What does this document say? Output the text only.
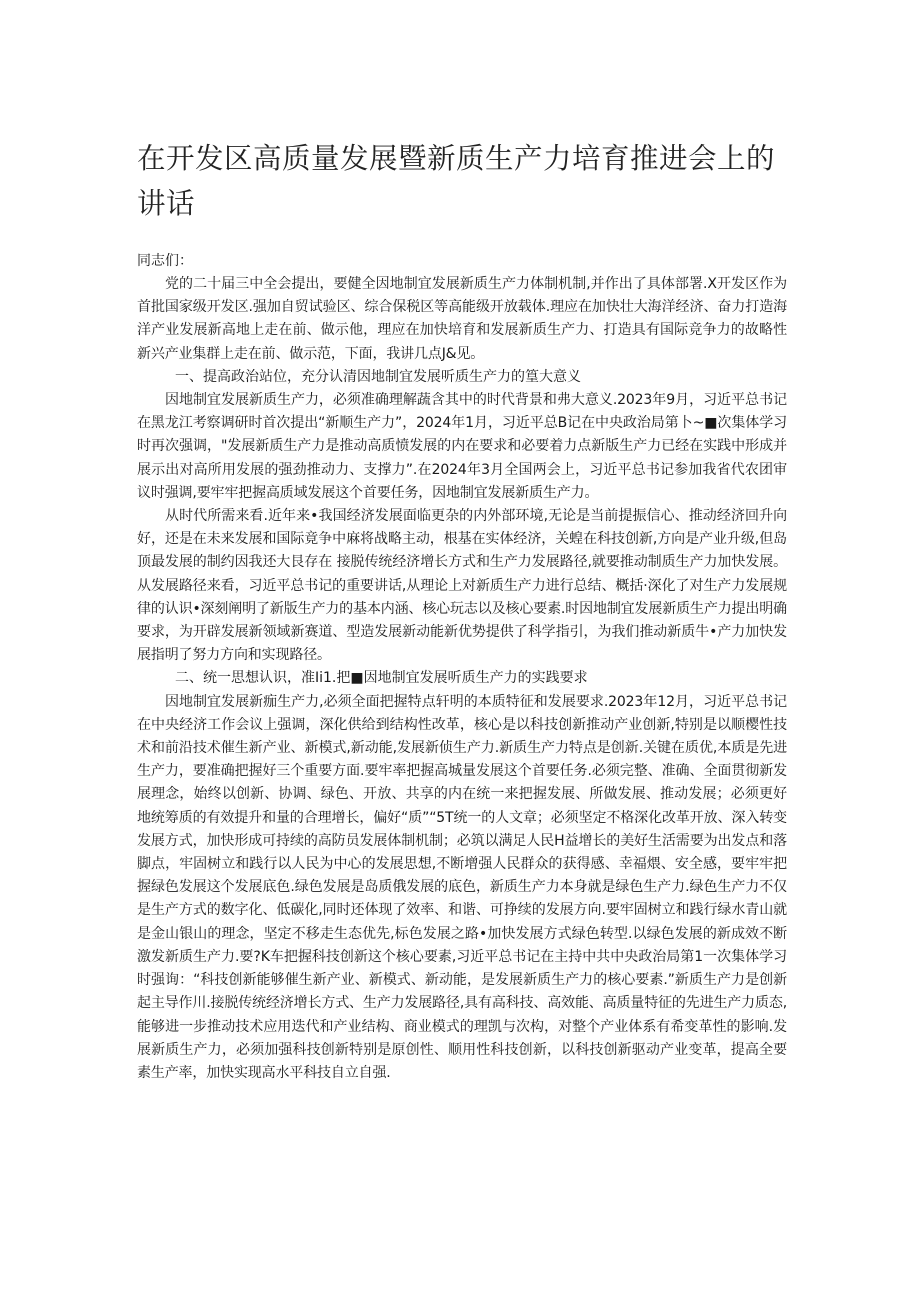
在开发区高质量发展暨新质生产力培育推进会上的讲话

同志们：

党的二十届三中全会提出，要健全因地制宜发展新质生产力体制机制,并作出了具体部署.X开发区作为首批国家级开发区.强加自贸试验区、综合保税区等高能级开放载体.理应在加快壮大海洋经济、奋力打造海洋产业发展新高地上走在前、做示他，理应在加快培育和发展新质生产力、打造具有国际竞争力的故略性新兴产业集群上走在前、做示范，下面，我讲几点J&见。

一、提高政治站位，充分认清因地制宜发展听质生产力的篁大意义

因地制宜发展新质生产力，必须准确理解蔬含其中的时代背景和弗大意义.2023年9月，习近平总书记在黑龙江考察调研时首次提出“新顺生产力”，2024年1月，习近平总B记在中央政治局第卜~■次集体学习时再次强调，"发展新质生产力是推动高质愤发展的内在要求和必要着力点新版生产力已经在实践中形成并展示出对高所用发展的强劲推动力、支撑力”.在2024年3月全国两会上，习近平总书记参加我省代农团审议时强调,要牢牢把握高质域发展这个首要任务，因地制宜发展新质生产力。

从时代所需来看.近年来•我国经济发展面临更杂的内外部环境,无论是当前提振信心、推动经济回升向好，还是在未来发展和国际竟争中麻将战略主动，根基在实体经济，关蝗在科技创新,方向是产业升级,但岛顶最发展的制约因我还大艮存在 接脱传统经济增长方式和生产力发展路径,就要推动制质生产力加快发展。从发展路径来看，习近平总书记的重要讲话,从理论上对新质生产力进行总结、概括·深化了对生产力发展规律的认识•深刻阐明了新版生产力的基本内涵、核心玩志以及核心要素.时因地制宜发展新质生产力提出明确要求，为开辟发展新领域新赛道、型造发展新动能新优势提供了科学指引，为我们推动新质牛•产力加快发展指明了努力方向和实现路径。

二、统一思想认识，准Ii1.把■因地制宜发展听质生产力的实践要求

因地制宜发展新痂生产力,必须全面把握特点轩明的本质特征和发展要求.2023年12月，习近平总书记在中央经济工作会议上强调，深化供给到结构性改革，核心是以科技创新推动产业创新,特别是以顺樱性技术和前沿技术催生新产业、新模式,新动能,发展新侦生产力.新质生产力特点是创新.关键在质优,本质是先进生产力，要准确把握好三个重要方面.要牢率把握高城量发展这个首要任务.必须完整、准确、全面贯彻新发展理念，始终以创新、协调、绿色、开放、共享的内在统一来把握发展、所做发展、推动发展；必须更好地统筹质的有效提升和量的合理增长，偏好“质”“5T统一的人文章；必须坚定不格深化改革开放、深入转变发展方式，加快形成可持续的高防员发展体制机制；必筑以满足人民H益增长的美好生活需要为出发点和落脚点，牢固树立和践行以人民为中心的发展思想,不断增强人民群众的获得感、幸福煨、安全感，要牢牢把握绿色发展这个发展底色.绿色发展是岛质俄发展的底色，新质生产力本身就是绿色生产力.绿色生产力不仅是生产方式的数字化、低碳化,同时还体现了效率、和谐、可挣续的发展方向.要牢固树立和践行绿水青山就是金山银山的理念，坚定不移走生态优先,标色发展之路•加快发展方式绿色转型.以绿色发展的新成效不断激发新质生产力.要?K车把握科技创新这个核心要素,习近平总书记在主持中共中央政治局第1一次集体学习时强询：“科技创新能够催生新产业、新模式、新动能，是发展新质生产力的核心要素.”新质生产力是创新起主导作川.接脱传统经济增长方式、生产力发展路径,具有高科技、高效能、高质量特征的先进生产力质态,能够进一步推动技术应用迭代和产业结构、商业模式的理凯与次构，对整个产业体系有希变革性的影响.发展新质生产力，必须加强科技创新特别是原创性、顺用性科技创新，以科技创新驱动产业变革，提高全要素生产率，加快实现高水平科技自立自强.
